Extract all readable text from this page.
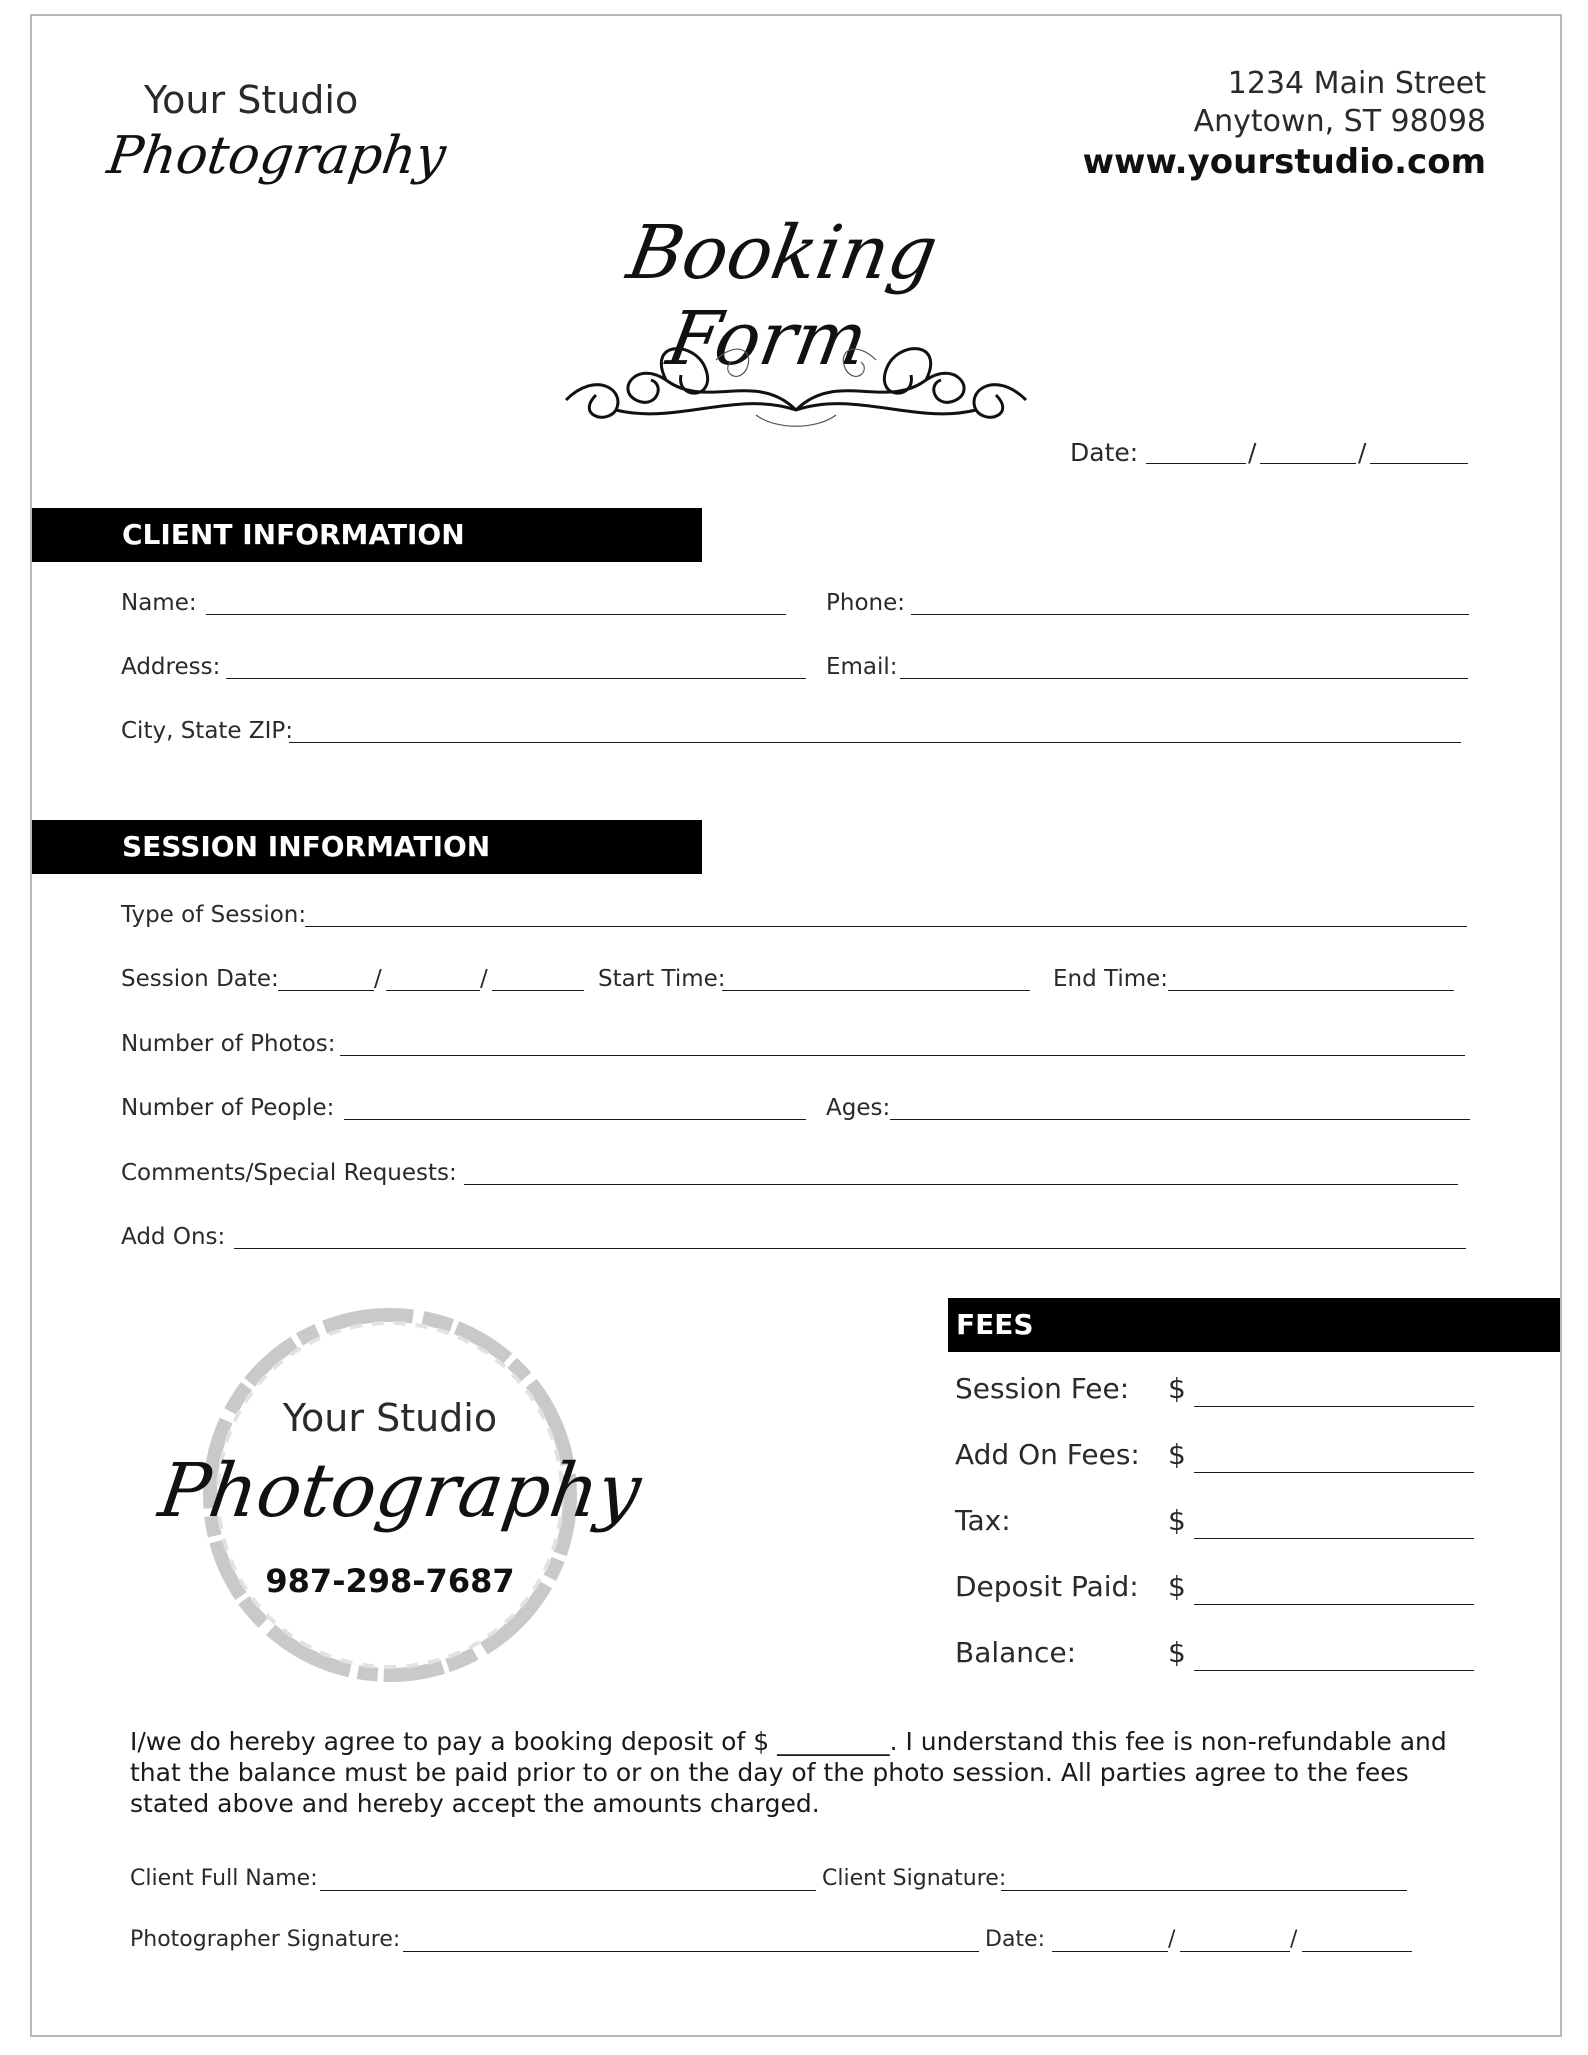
Your Studio
Photography
1234 Main Street
Anytown, ST 98098
www.yourstudio.com
Booking Form
Date:	/	/
CLIENT INFORMATION
Name:	Phone:
Address:	Email:
City, State ZIP:
SESSION INFORMATION
Type of Session:
Session Date:	/	/	Start Time:	End Time:
Number of Photos:
Number of People:	Ages:
Comments/Special Requests:
Add Ons:
Your Studio
Photography
987-298-7687
FEES
Session Fee: $
Add On Fees: $
Tax:	$
Deposit Paid: $
Balance:	$
I/we do hereby agree to pay a booking deposit of $ _________. I understand this fee is non-refundable and that the balance must be paid prior to or on the day of the photo session. All parties agree to the fees stated above and hereby accept the amounts charged.
Client Full Name:	Client Signature:
Photographer Signature:	Date:	/	/
